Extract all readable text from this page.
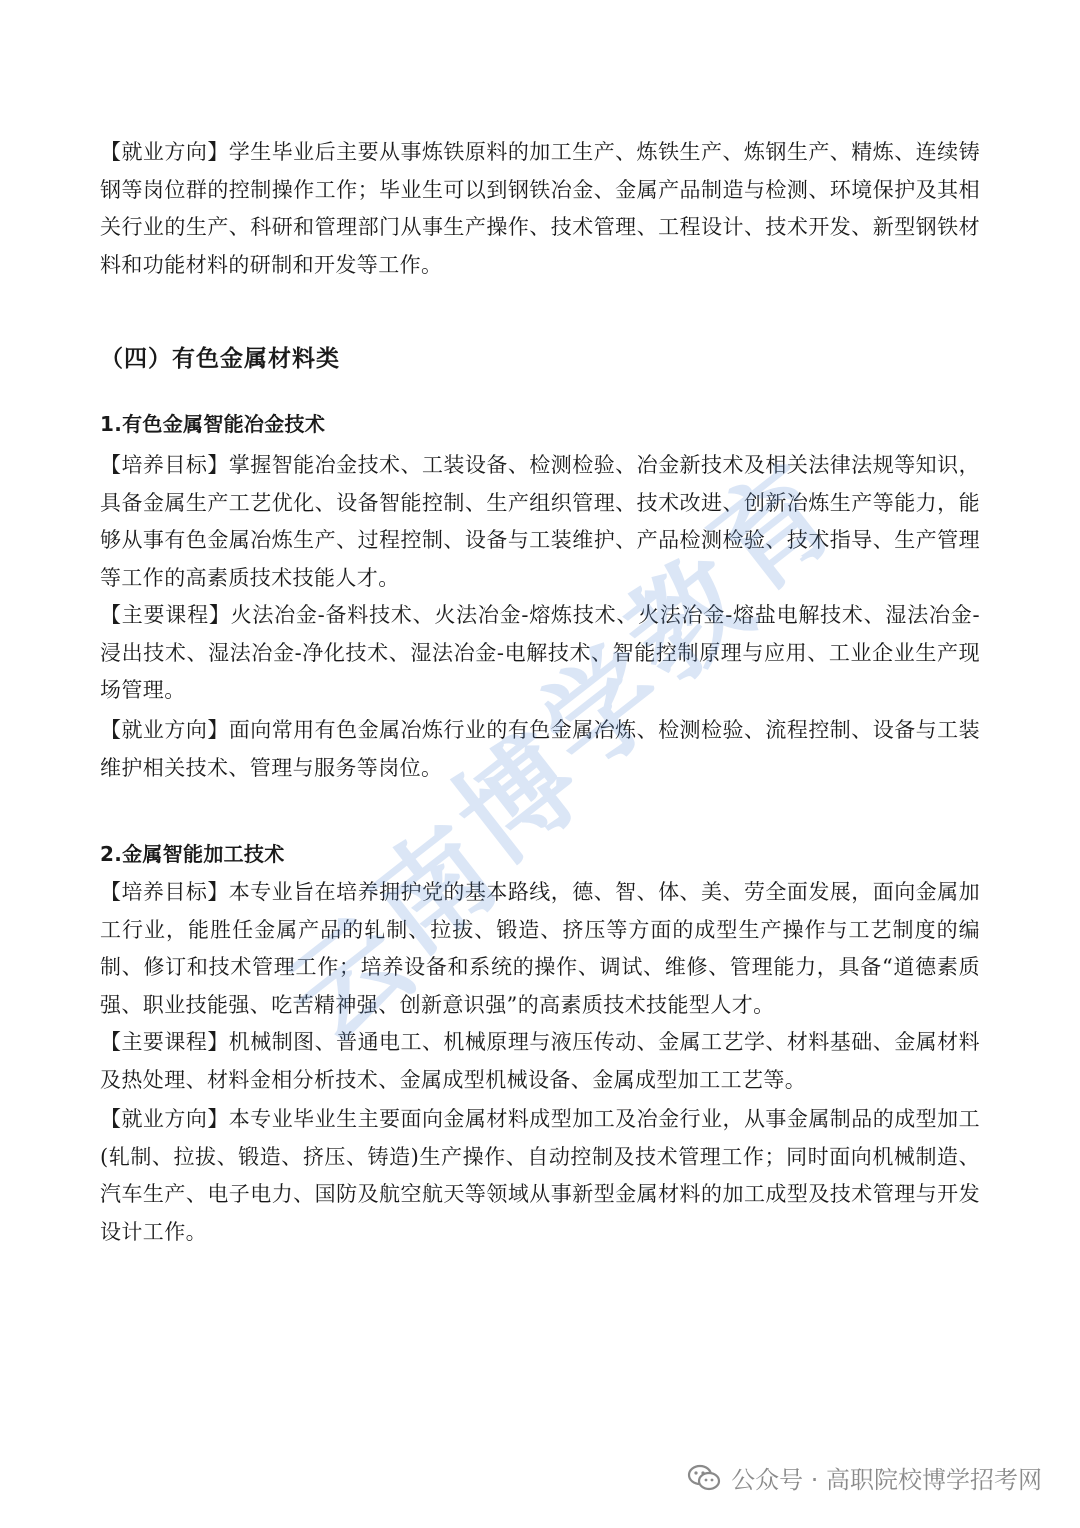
【就业方向】学生毕业后主要从事炼铁原料的加工生产、炼铁生产、炼钢生产、精炼、连续铸钢等岗位群的控制操作工作；毕业生可以到钢铁冶金、金属产品制造与检测、环境保护及其相关行业的生产、科研和管理部门从事生产操作、技术管理、工程设计、技术开发、新型钢铁材料和功能材料的研制和开发等工作。

（四）有色金属材料类
1.有色金属智能冶金技术

【培养目标】掌握智能冶金技术、工装设备、检测检验、冶金新技术及相关法律法规等知识，具备金属生产工艺优化、设备智能控制、生产组织管理、技术改进、创新冶炼生产等能力，能够从事有色金属冶炼生产、过程控制、设备与工装维护、产品检测检验、技术指导、生产管理等工作的高素质技术技能人才。

【主要课程】火法冶金-备料技术、火法冶金-熔炼技术、火法冶金-熔盐电解技术、湿法冶金-浸出技术、湿法冶金-净化技术、湿法冶金-电解技术、智能控制原理与应用、工业企业生产现场管理。

【就业方向】面向常用有色金属冶炼行业的有色金属冶炼、检测检验、流程控制、设备与工装维护相关技术、管理与服务等岗位。

2.金属智能加工技术

【培养目标】本专业旨在培养拥护党的基本路线，德、智、体、美、劳全面发展，面向金属加工行业，能胜任金属产品的轧制、拉拔、锻造、挤压等方面的成型生产操作与工艺制度的编制、修订和技术管理工作；培养设备和系统的操作、调试、维修、管理能力，具备“道德素质强、职业技能强、吃苦精神强、创新意识强”的高素质技术技能型人才。

【主要课程】机械制图、普通电工、机械原理与液压传动、金属工艺学、材料基础、金属材料及热处理、材料金相分析技术、金属成型机械设备、金属成型加工工艺等。

【就业方向】本专业毕业生主要面向金属材料成型加工及冶金行业，从事金属制品的成型加工(轧制、拉拔、锻造、挤压、铸造)生产操作、自动控制及技术管理工作；同时面向机械制造、汽车生产、电子电力、国防及航空航天等领域从事新型金属材料的加工成型及技术管理与开发设计工作。

云
南
博
学
教
育
公众号 · 高职院校博学招考网
